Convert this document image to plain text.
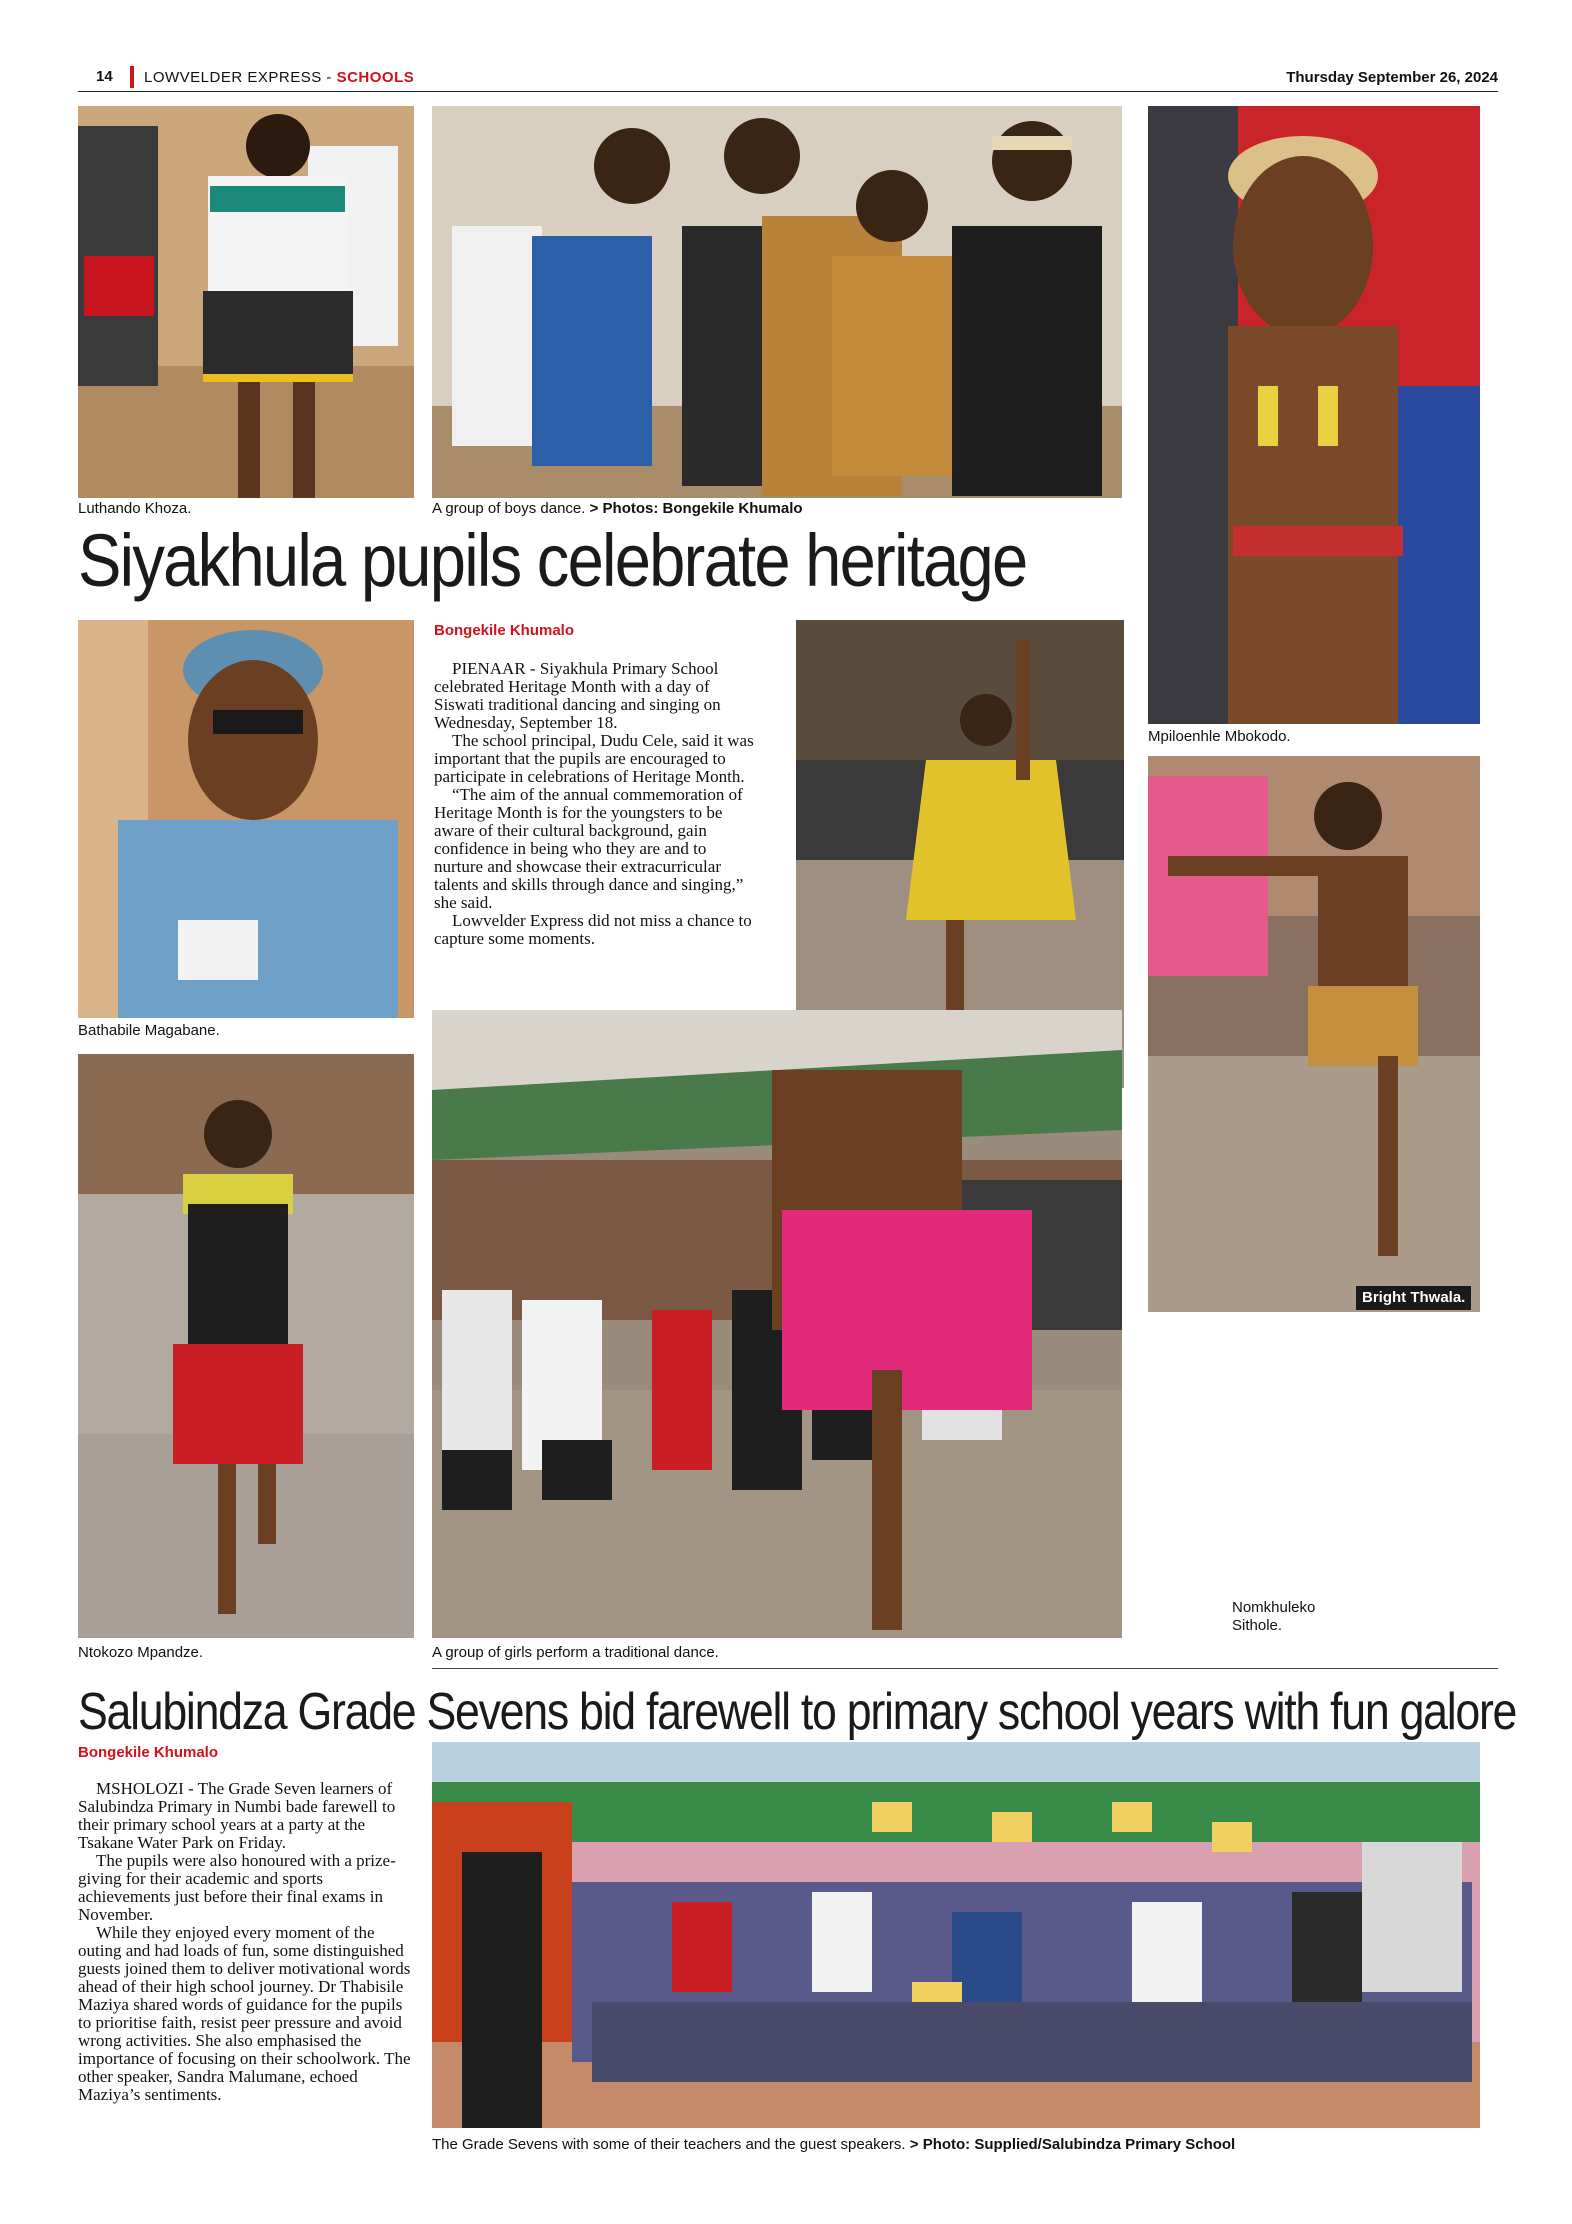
14 LOWVELDER EXPRESS - SCHOOLS	Thursday September 26, 2024
Luthando Khoza.	A group of boys dance. > Photos: Bongekile Khumalo
Mpiloenhle Mbokodo.
Siyakhula pupils celebrate heritage
Bathabile Magabane.
Bongekile Khumalo

PIENAAR - Siyakhula Primary School celebrated Heritage Month with a day of Siswati traditional dancing and singing on Wednesday, September 18.

The school principal, Dudu Cele, said it was important that the pupils are encouraged to participate in celebrations of Heritage Month.

“The aim of the annual commemoration of Heritage Month is for the youngsters to be aware of their cultural background, gain confidence in being who they are and to nurture and showcase their extracurricular talents and skills through dance and singing,” she said.

Lowvelder Express did not miss a chance to capture some moments.

Bright Thwala.
Ntokozo Mpandze.	A group of girls perform a traditional dance.
Nomkhuleko Sithole.
Salubindza Grade Sevens bid farewell to primary school years with fun galore
Bongekile Khumalo

MSHOLOZI - The Grade Seven learners of Salubindza Primary in Numbi bade farewell to their primary school years at a party at the Tsakane Water Park on Friday.

The pupils were also honoured with a prize-giving for their academic and sports achievements just before their final exams in November.

While they enjoyed every moment of the outing and had loads of fun, some distinguished guests joined them to deliver motivational words ahead of their high school journey. Dr Thabisile Maziya shared words of guidance for the pupils to prioritise faith, resist peer pressure and avoid wrong activities. She also emphasised the importance of focusing on their schoolwork. The other speaker, Sandra Malumane, echoed Maziya’s sentiments.

The Grade Sevens with some of their teachers and the guest speakers. > Photo: Supplied/Salubindza Primary School
